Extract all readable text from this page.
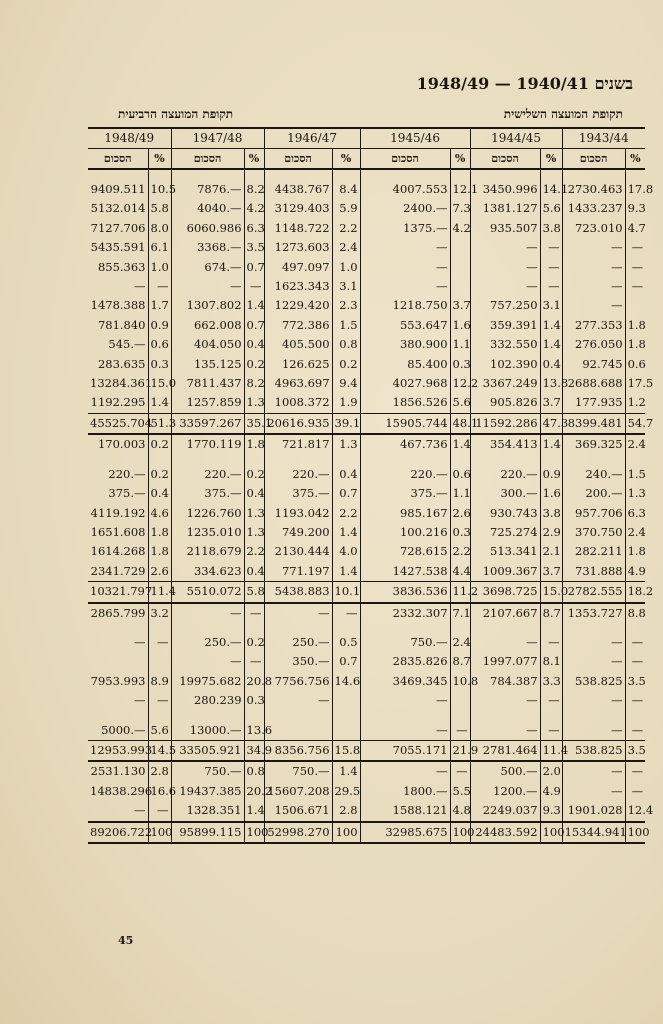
בשנים 1940/41 — 1948/49
תקופת המועצה השלישית
תקופת המועצה הרביעית
1948/49		1947/48		1946/47		1945/46		1944/45		1943/44	
הסכום	%	הסכום	%	הסכום	%	הסכום	%	הסכום	%	הסכום	%

9409.511	10.5	7876.—	8.2	4438.767	8.4	4007.553	12.1	3450.996	14.1	2730.463	17.8
5132.014	5.8	4040.—	4.2	3129.403	5.9	2400.—	7.3	1381.127	5.6	1433.237	9.3
7127.706	8.0	6060.986	6.3	1148.722	2.2	1375.—	4.2	935.507	3.8	723.010	4.7
5435.591	6.1	3368.—	3.5	1273.603	2.4	—		—	—	—	—
855.363	1.0	674.—	0.7	497.097	1.0	—		—	—	—	—
—	—	—	—	1623.343	3.1	—		—	—	—	—
1478.388	1.7	1307.802	1.4	1229.420	2.3	1218.750	3.7	757.250	3.1	—	
781.840	0.9	662.008	0.7	772.386	1.5	553.647	1.6	359.391	1.4	277.353	1.8
545.—	0.6	404.050	0.4	405.500	0.8	380.900	1.1	332.550	1.4	276.050	1.8
283.635	0.3	135.125	0.2	126.625	0.2	85.400	0.3	102.390	0.4	92.745	0.6
13284.361	15.0	7811.437	8.2	4963.697	9.4	4027.968	12.2	3367.249	13.8	2688.688	17.5
1192.295	1.4	1257.859	1.3	1008.372	1.9	1856.526	5.6	905.826	3.7	177.935	1.2
45525.704	51.3	33597.267	35.1	20616.935	39.1	15905.744	48.1	11592.286	47.3	8399.481	54.7
170.003	0.2	1770.119	1.8	721.817	1.3	467.736	1.4	354.413	1.4	369.325	2.4

220.—	0.2	220.—	0.2	220.—	0.4	220.—	0.6	220.—	0.9	240.—	1.5
375.—	0.4	375.—	0.4	375.—	0.7	375.—	1.1	300.—	1.6	200.—	1.3
4119.192	4.6	1226.760	1.3	1193.042	2.2	985.167	2.6	930.743	3.8	957.706	6.3
1651.608	1.8	1235.010	1.3	749.200	1.4	100.216	0.3	725.274	2.9	370.750	2.4
1614.268	1.8	2118.679	2.2	2130.444	4.0	728.615	2.2	513.341	2.1	282.211	1.8
2341.729	2.6	334.623	0.4	771.197	1.4	1427.538	4.4	1009.367	3.7	731.888	4.9
10321.797	11.4	5510.072	5.8	5438.883	10.1	3836.536	11.2	3698.725	15.0	2782.555	18.2
2865.799	3.2	—	—	—	—	2332.307	7.1	2107.667	8.7	1353.727	8.8

—	—	250.—	0.2	250.—	0.5	750.—	2.4	—	—	—	—
		—	—	350.—	0.7	2835.826	8.7	1997.077	8.1	—	—
7953.993	8.9	19975.682	20.8	7756.756	14.6	3469.345	10.8	784.387	3.3	538.825	3.5
—	—	280.239	0.3	—		—		—	—	—	—

5000.—	5.6	13000.—	13.6			—	—	—	—	—	—
12953.993	14.5	33505.921	34.9	8356.756	15.8	7055.171	21.9	2781.464	11.4	538.825	3.5
2531.130	2.8	750.—	0.8	750.—	1.4	—	—	500.—	2.0	—	—
14838.296	16.6	19437.385	20.2	15607.208	29.5	1800.—	5.5	1200.—	4.9	—	—
—	—	1328.351	1.4	1506.671	2.8	1588.121	4.8	2249.037	9.3	1901.028	12.4
89206.722	100	95899.115	100	52998.270	100	32985.675	100	24483.592	100	15344.941	100
45
